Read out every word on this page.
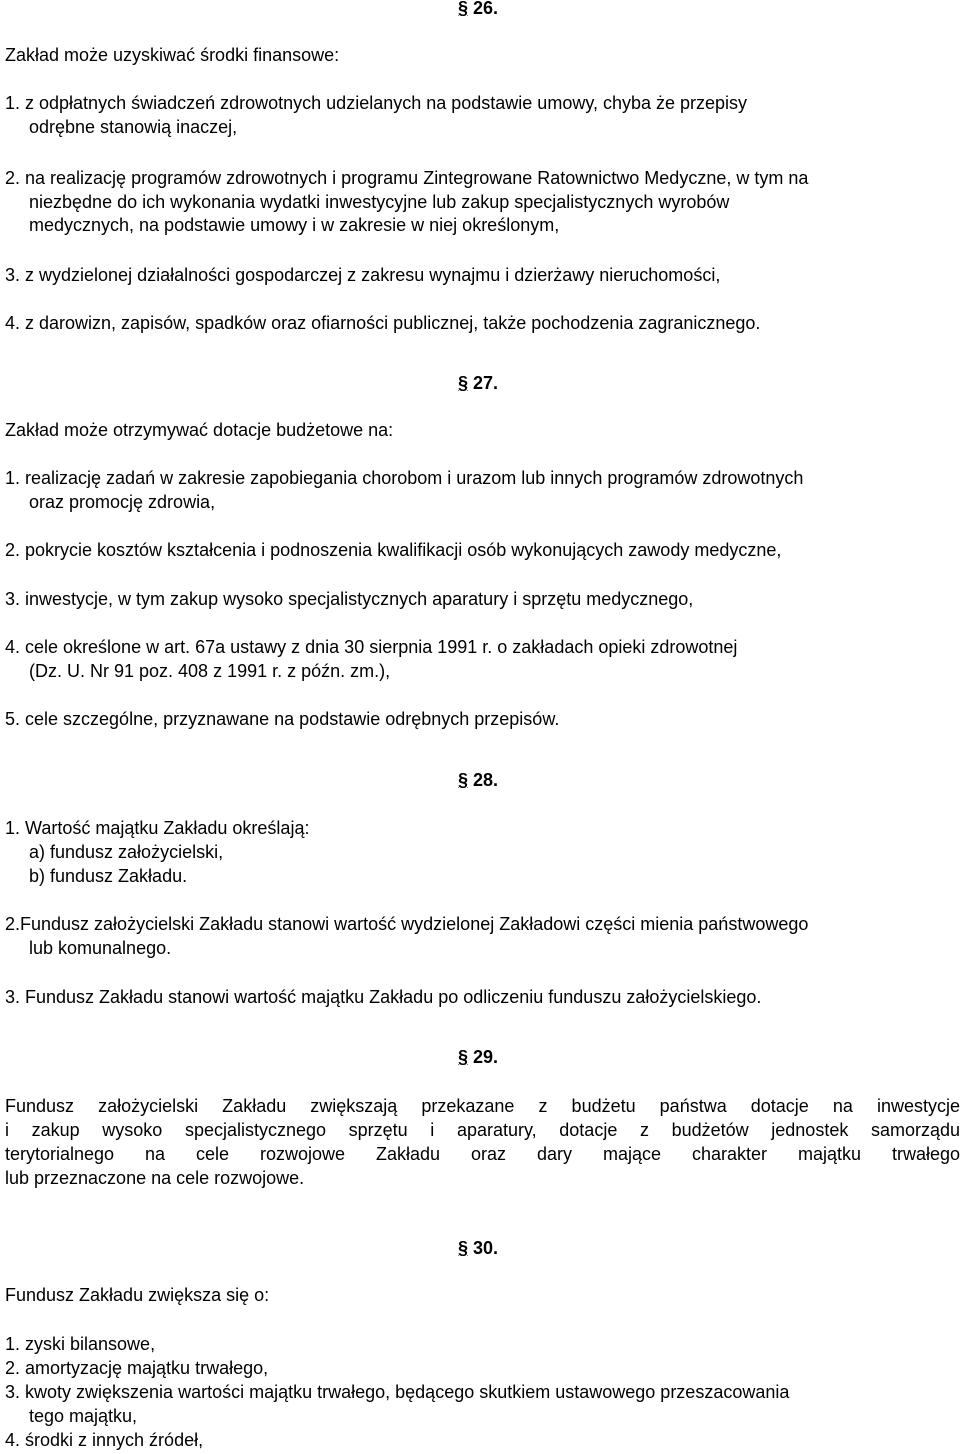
§ 26.
Zakład może uzyskiwać środki finansowe:
1. z odpłatnych świadczeń zdrowotnych udzielanych na podstawie umowy, chyba że przepisy
odrębne stanowią inaczej,
2. na realizację programów zdrowotnych i programu Zintegrowane Ratownictwo Medyczne, w tym na
niezbędne do ich wykonania wydatki inwestycyjne lub zakup specjalistycznych wyrobów
medycznych, na podstawie umowy i w zakresie w niej określonym,
3. z wydzielonej działalności gospodarczej z zakresu wynajmu i dzierżawy nieruchomości,
4. z darowizn, zapisów, spadków oraz ofiarności publicznej, także pochodzenia zagranicznego.
§ 27.
Zakład może otrzymywać dotacje budżetowe na:
1. realizację zadań w zakresie zapobiegania chorobom i urazom lub innych programów zdrowotnych
oraz promocję zdrowia,
2. pokrycie kosztów kształcenia i podnoszenia kwalifikacji osób wykonujących zawody medyczne,
3. inwestycje, w tym zakup wysoko specjalistycznych aparatury i sprzętu medycznego,
4. cele określone w art. 67a ustawy z dnia 30 sierpnia 1991 r. o zakładach opieki zdrowotnej
(Dz. U. Nr 91 poz. 408 z 1991 r. z późn. zm.),
5. cele szczególne, przyznawane na podstawie odrębnych przepisów.
§ 28.
1. Wartość majątku Zakładu określają:
a) fundusz założycielski,
b) fundusz Zakładu.
2.Fundusz założycielski Zakładu stanowi wartość wydzielonej Zakładowi części mienia państwowego
lub komunalnego.
3. Fundusz Zakładu stanowi wartość majątku Zakładu po odliczeniu funduszu założycielskiego.
§ 29.
Fundusz założycielski Zakładu zwiększają przekazane z budżetu państwa dotacje na inwestycje
i zakup wysoko specjalistycznego sprzętu i aparatury, dotacje z budżetów jednostek samorządu
terytorialnego na cele rozwojowe Zakładu oraz dary mające charakter majątku trwałego
lub przeznaczone na cele rozwojowe.
§ 30.
Fundusz Zakładu zwiększa się o:
1. zyski bilansowe,
2. amortyzację majątku trwałego,
3. kwoty zwiększenia wartości majątku trwałego, będącego skutkiem ustawowego przeszacowania
tego majątku,
4. środki z innych źródeł,
